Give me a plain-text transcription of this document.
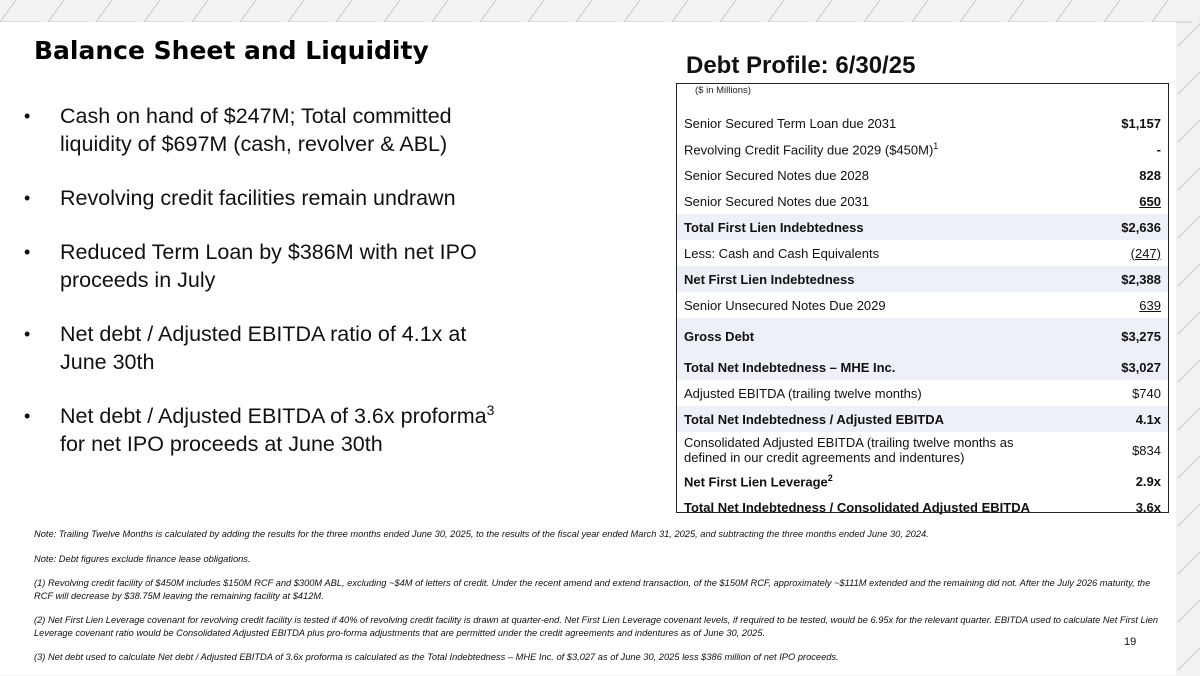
Balance Sheet and Liquidity
• Cash on hand of $247M; Total committed liquidity of $697M (cash, revolver & ABL)
• Revolving credit facilities remain undrawn
• Reduced Term Loan by $386M with net IPO proceeds in July
• Net debt / Adjusted EBITDA ratio of 4.1x at June 30th
• Net debt / Adjusted EBITDA of 3.6x proforma$^3$ for net IPO proceeds at June 30th
Debt Profile: 6/30/25
($ in Millions)
Senior Secured Term Loan due 2031	$1,157
Revolving Credit Facility due 2029 ($450M)$^1$	-
Senior Secured Notes due 2028	828
Senior Secured Notes due 2031	650
Total First Lien Indebtedness	$2,636
Less: Cash and Cash Equivalents	(247)
Net First Lien Indebtedness	$2,388
Senior Unsecured Notes Due 2029	639
Gross Debt	$3,275
Total Net Indebtedness – MHE Inc.	$3,027
Adjusted EBITDA (trailing twelve months)	$740
Total Net Indebtedness / Adjusted EBITDA	4.1x
Consolidated Adjusted EBITDA (trailing twelve months as defined in our credit agreements and indentures)	$834
Net First Lien Leverage$^2$	2.9x
Total Net Indebtedness / Consolidated Adjusted EBITDA	3.6x

Note: Trailing Twelve Months is calculated by adding the results for the three months ended June 30, 2025, to the results of the fiscal year ended March 31, 2025, and subtracting the three months ended June 30, 2024.

Note: Debt figures exclude finance lease obligations.

(1) Revolving credit facility of $450M includes $150M RCF and $300M ABL, excluding ~$4M of letters of credit. Under the recent amend and extend transaction, of the $150M RCF, approximately ~$111M extended and the remaining did not. After the July 2026 maturity, the RCF will decrease by $38.75M leaving the remaining facility at $412M.

(2) Net First Lien Leverage covenant for revolving credit facility is tested if 40% of revolving credit facility is drawn at quarter-end. Net First Lien Leverage covenant levels, if required to be tested, would be 6.95x for the relevant quarter. EBITDA used to calculate Net First Lien Leverage covenant ratio would be Consolidated Adjusted EBITDA plus pro-forma adjustments that are permitted under the credit agreements and indentures as of June 30, 2025.

(3) Net debt used to calculate Net debt / Adjusted EBITDA of 3.6x proforma is calculated as the Total Indebtedness – MHE Inc. of $3,027 as of June 30, 2025 less $386 million of net IPO proceeds.

19
